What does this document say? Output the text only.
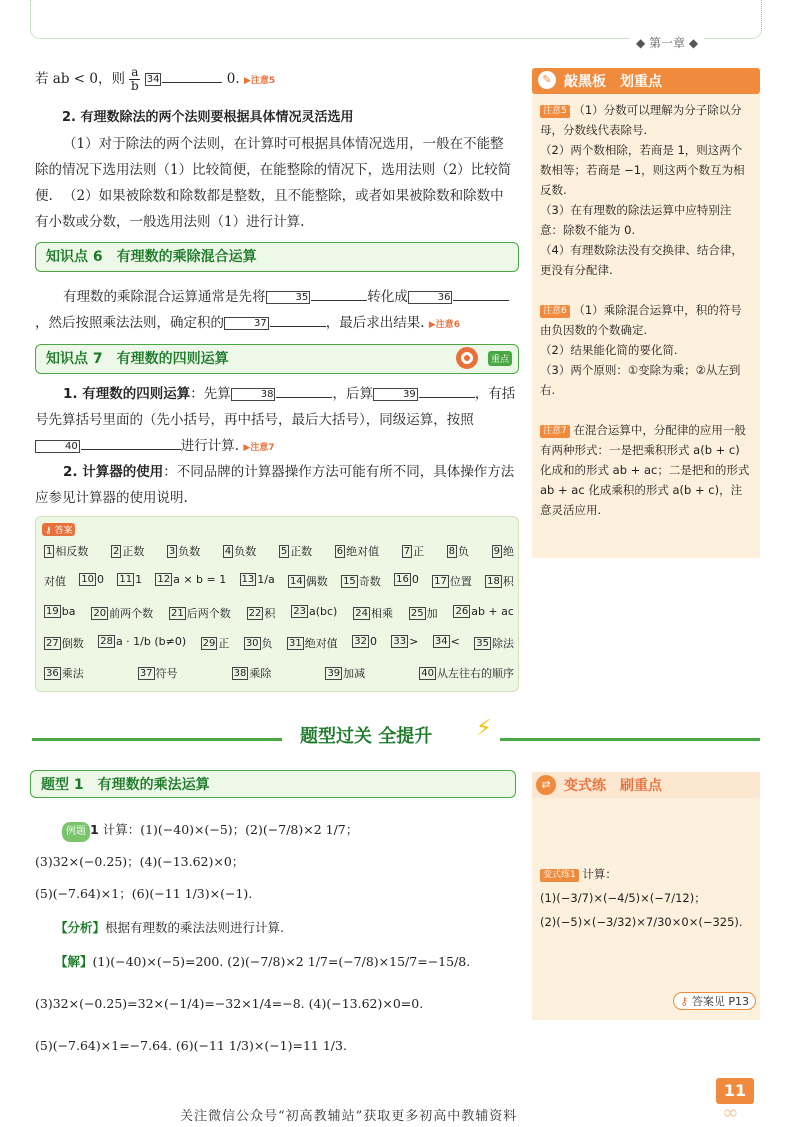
◆ 第一章 ◆
若 ab < 0，则 $\frac{a}{b} 34$	0. ▶注意5
2. 有理数除法的两个法则要根据具体情况灵活选用
（1）对于除法的两个法则，在计算时可根据具体情况选用，一般在不能整除的情况下选用法则（1）比较简便，在能整除的情况下，选用法则（2）比较简便. （2）如果被除数和除数都是整数，且不能整除，或者如果被除数和除数中有小数或分数，一般选用法则（1）进行计算.
知识点 6　有理数的乘除混合运算
有理数的乘除混合运算通常是先将	35	转化成	36，然后按照乘法法则，确定积的	37	，最后求出结果. ▶注意6
知识点 7　有理数的四则运算	重点
1. 有理数的四则运算：先算	38	，后算	39	，有括号先算括号里面的（先小括号，再中括号，最后大括号），同级运算，按照40	进行计算. ▶注意7
2. 计算器的使用：不同品牌的计算器操作方法可能有所不同，具体操作方法应参见计算器的使用说明.
⚷ 答案
1 相反数 2 正数 3 负数 4 负数 5 正数 6 绝对值 7 正 8 负 9 绝
对值 10 0 11 1 12 a × b = 1 13 1/a 14 偶数 15 奇数 16 0 17 位置 18 积
19 ba 20 前两个数 21 后两个数 22 积 23 a(bc) 24 相乘 25 加 26 ab + ac
27 倒数 28 a · 1/b (b≠0) 29 正 30 负 31 绝对值 32 0 33 > 34 < 35 除法
36 乘法	37 符号	38 乘除	39 加减	40 从左往右的顺序
✎ 敲黑板　划重点
注意5 （1）分数可以理解为分子除以分母，分数线代表除号.
（2）两个数相除，若商是 1，则这两个数相等；若商是 −1，则这两个数互为相反数.
（3）在有理数的除法运算中应特别注意：除数不能为 0.
（4）有理数除法没有交换律、结合律，更没有分配律.
注意6 （1）乘除混合运算中，积的符号由负因数的个数确定.
（2）结果能化简的要化简.
（3）两个原则：①变除为乘；②从左到右.
注意7 在混合运算中，分配律的应用一般有两种形式：一是把乘积形式 a(b + c) 化成和的形式 ab + ac；二是把和的形式 ab + ac 化成乘积的形式 a(b + c)，注意灵活应用.
题型过关 全提升 ⚡
题型 1　有理数的乘法运算
例题 1 计算：(1)(−40)×(−5)；(2)(−7/8)×2 1/7；
(3)32×(−0.25)；(4)(−13.62)×0；
(5)(−7.64)×1；(6)(−11 1/3)×(−1).
【分析】根据有理数的乘法法则进行计算.
【解】(1)(−40)×(−5)=200. (2)(−7/8)×2 1/7=(−7/8)×15/7=−15/8.
(3)32×(−0.25)=32×(−1/4)=−32×1/4=−8. (4)(−13.62)×0=0.
(5)(−7.64)×1=−7.64. (6)(−11 1/3)×(−1)=11 1/3.
⇄ 变式练　刷重点
变式练1 计算：
(1)(−3/7)×(−4/5)×(−7/12)；
(2)(−5)×(−3/32)×7/30×0×(−325).
⚷ 答案见 P13
11
∞
关注微信公众号“初高教辅站”获取更多初高中教辅资料
